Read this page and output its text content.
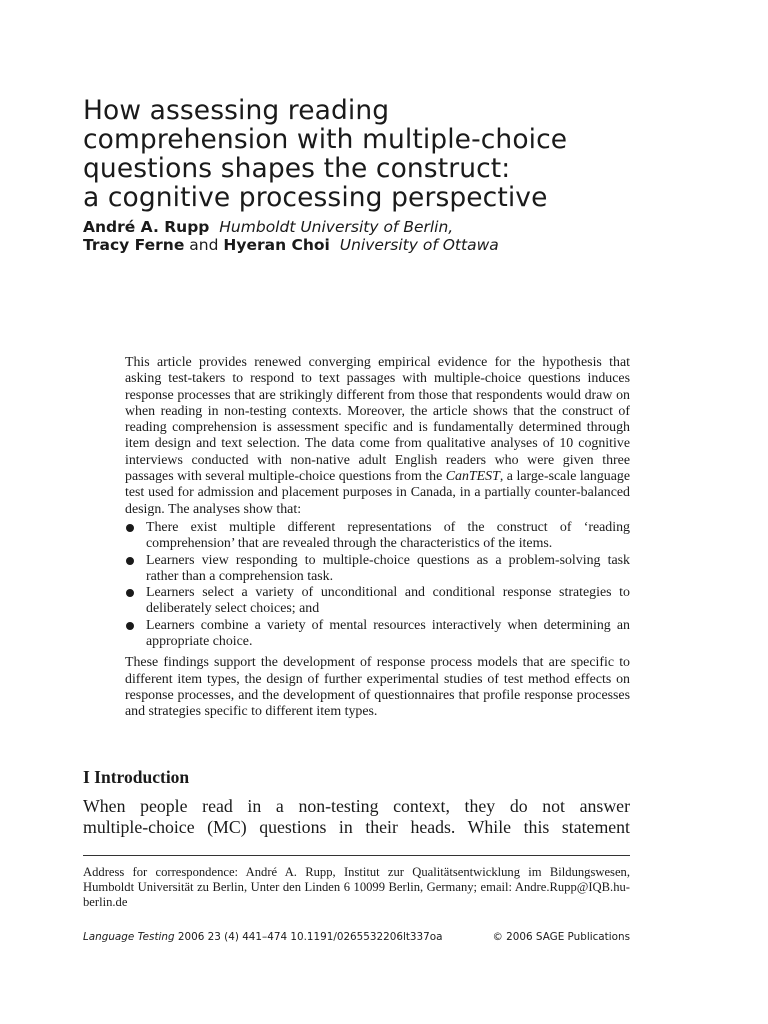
How assessing reading
comprehension with multiple-choice
questions shapes the construct:
a cognitive processing perspective
André A. Rupp Humboldt University of Berlin,
Tracy Ferne and Hyeran Choi University of Ottawa

This article provides renewed converging empirical evidence for the hypothesis that asking test-takers to respond to text passages with multiple-choice questions induces response processes that are strikingly different from those that respondents would draw on when reading in non-testing contexts. Moreover, the article shows that the construct of reading comprehension is assessment specific and is fundamentally determined through item design and text selection. The data come from qualitative analyses of 10 cognitive interviews conducted with non-native adult English readers who were given three passages with several multiple-choice questions from the CanTEST, a large-scale language test used for admission and placement purposes in Canada, in a partially counter-balanced design. The analyses show that:

There exist multiple different representations of the construct of ‘reading comprehension’ that are revealed through the characteristics of the items.
Learners view responding to multiple-choice questions as a problem-solving task rather than a comprehension task.
Learners select a variety of unconditional and conditional response strategies to deliberately select choices; and
Learners combine a variety of mental resources interactively when determining an appropriate choice.

These findings support the development of response process models that are specific to different item types, the design of further experimental studies of test method effects on response processes, and the development of questionnaires that profile response processes and strategies specific to different item types.

I Introduction

When people read in a non-testing context, they do not answer
multiple-choice (MC) questions in their heads. While this statement

Address for correspondence: André A. Rupp, Institut zur Qualitätsentwicklung im Bildungswesen, Humboldt Universität zu Berlin, Unter den Linden 6 10099 Berlin, Germany; email: Andre.Rupp@IQB.hu-berlin.de

Language Testing 2006 23 (4) 441–474 10.1191/0265532206lt337oa	© 2006 SAGE Publications
